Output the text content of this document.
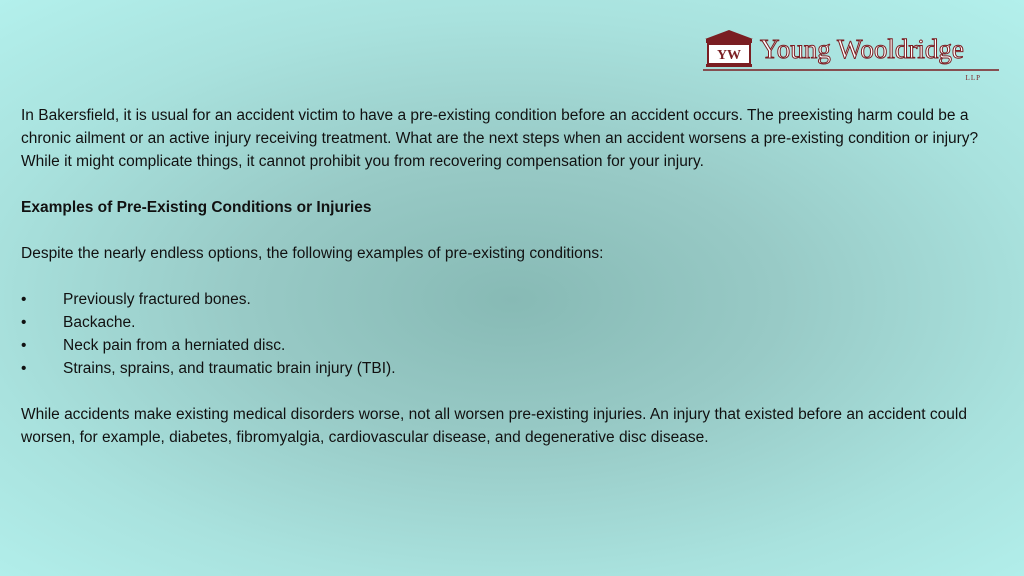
YW Young Wooldridge
LLP

In Bakersfield, it is usual for an accident victim to have a pre-existing condition before an accident occurs. The preexisting harm could be a chronic ailment or an active injury receiving treatment. What are the next steps when an accident worsens a pre-existing condition or injury? While it might complicate things, it cannot prohibit you from recovering compensation for your injury.

Examples of Pre-Existing Conditions or Injuries

Despite the nearly endless options, the following examples of pre-existing conditions:

•	Previously fractured bones.
•	Backache.
•	Neck pain from a herniated disc.
•	Strains, sprains, and traumatic brain injury (TBI).

While accidents make existing medical disorders worse, not all worsen pre-existing injuries. An injury that existed before an accident could worsen, for example, diabetes, fibromyalgia, cardiovascular disease, and degenerative disc disease.
